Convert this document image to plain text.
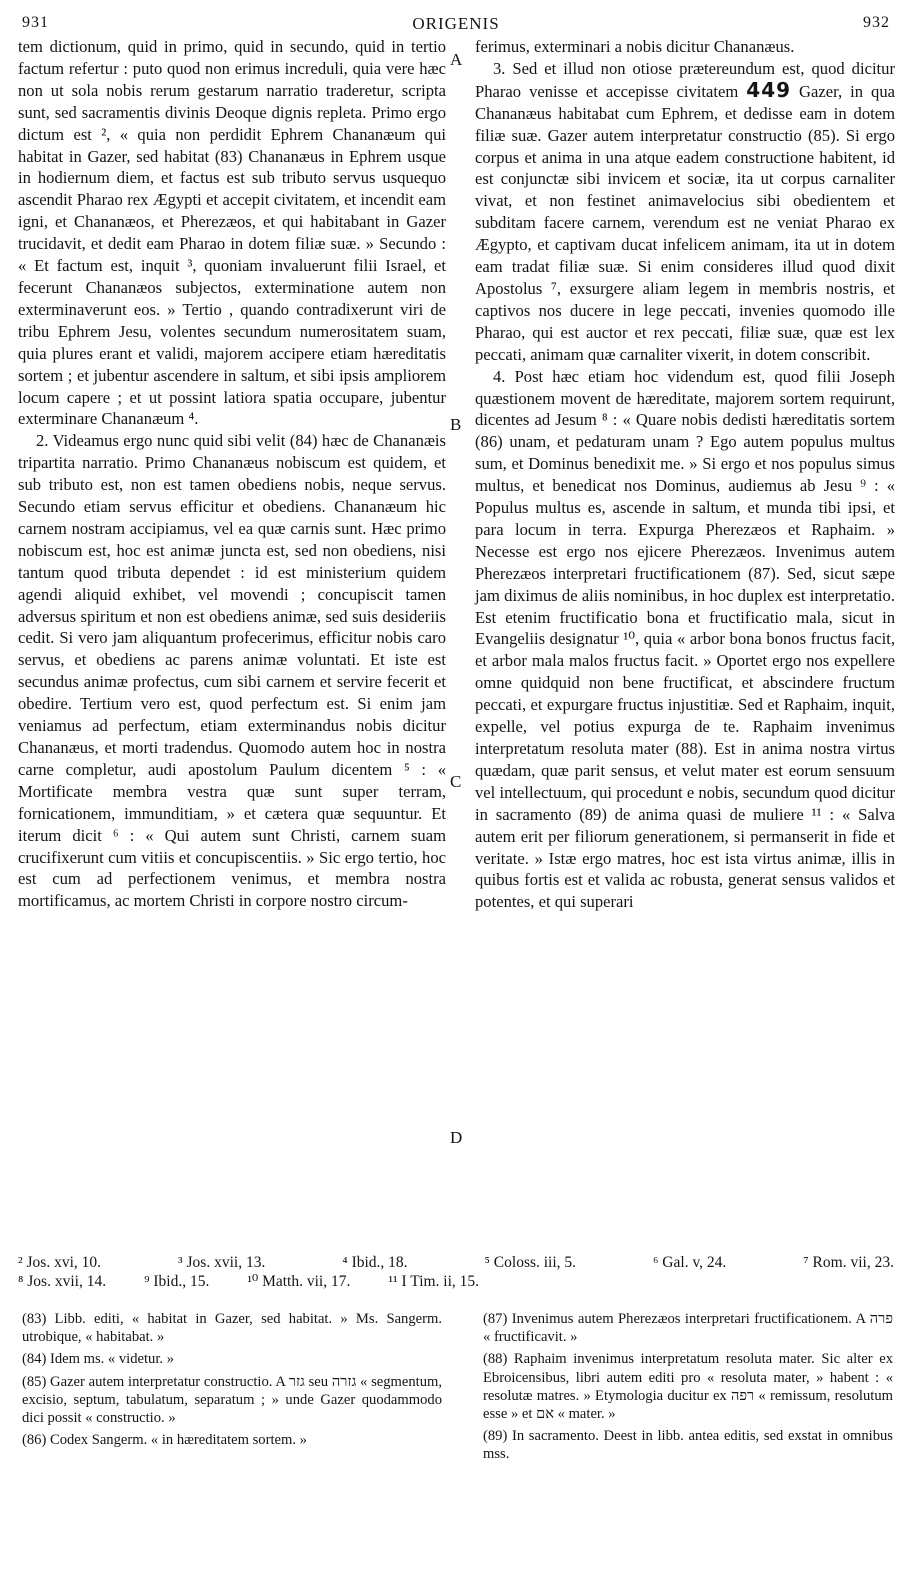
931	ORIGENIS	932

tem dictionum, quid in primo, quid in secundo, quid in tertio factum refertur : puto quod non erimus increduli, quia vere hæc non ut sola nobis rerum gestarum narratio traderetur, scripta sunt, sed sacramentis divinis Deoque dignis repleta. Primo ergo dictum est ², « quia non perdidit Ephrem Chananæum qui habitat in Gazer, sed habitat (83) Chananæus in Ephrem usque in hodiernum diem, et factus est sub tributo servus usquequo ascendit Pharao rex Ægypti et accepit civitatem, et incendit eam igni, et Chananæos, et Pherezæos, et qui habitabant in Gazer trucidavit, et dedit eam Pharao in dotem filiæ suæ. » Secundo : « Et factum est, inquit ³, quoniam invaluerunt filii Israel, et fecerunt Chananæos subjectos, exterminatione autem non exterminaverunt eos. » Tertio , quando contradixerunt viri de tribu Ephrem Jesu, volentes secundum numerositatem suam, quia plures erant et validi, majorem accipere etiam hæreditatis sortem ; et jubentur ascendere in saltum, et sibi ipsis ampliorem locum capere ; et ut possint latiora spatia occupare, jubentur exterminare Chananæum ⁴.

2. Videamus ergo nunc quid sibi velit (84) hæc de Chananæis tripartita narratio. Primo Chananæus nobiscum est quidem, et sub tributo est, non est tamen obediens nobis, neque servus. Secundo etiam servus efficitur et obediens. Chananæum hic carnem nostram accipiamus, vel ea quæ carnis sunt. Hæc primo nobiscum est, hoc est animæ juncta est, sed non obediens, nisi tantum quod tributa dependet : id est ministerium quidem agendi aliquid exhibet, vel movendi ; concupiscit tamen adversus spiritum et non est obediens animæ, sed suis desideriis cedit. Si vero jam aliquantum profecerimus, efficitur nobis caro servus, et obediens ac parens animæ voluntati. Et iste est secundus animæ profectus, cum sibi carnem et servire fecerit et obedire. Tertium vero est, quod perfectum est. Si enim jam veniamus ad perfectum, etiam exterminandus nobis dicitur Chananæus, et morti tradendus. Quomodo autem hoc in nostra carne completur, audi apostolum Paulum dicentem ⁵ : « Mortificate membra vestra quæ sunt super terram, fornicationem, immunditiam, » et cætera quæ sequuntur. Et iterum dicit ⁶ : « Qui autem sunt Christi, carnem suam crucifixerunt cum vitiis et concupiscentiis. » Sic ergo tertio, hoc est cum ad perfectionem venimus, et membra nostra mortificamus, ac mortem Christi in corpore nostro circum-

ferimus, exterminari a nobis dicitur Chananæus.

3. Sed et illud non otiose prætereundum est, quod dicitur Pharao venisse et accepisse civitatem 449 Gazer, in qua Chananæus habitabat cum Ephrem, et dedisse eam in dotem filiæ suæ. Gazer autem interpretatur constructio (85). Si ergo corpus et anima in una atque eadem constructione habitent, id est conjunctæ sibi invicem et sociæ, ita ut corpus carnaliter vivat, et non festinet animavelocius sibi obedientem et subditam facere carnem, verendum est ne veniat Pharao ex Ægypto, et captivam ducat infelicem animam, ita ut in dotem eam tradat filiæ suæ. Si enim consideres illud quod dixit Apostolus ⁷, exsurgere aliam legem in membris nostris, et captivos nos ducere in lege peccati, invenies quomodo ille Pharao, qui est auctor et rex peccati, filiæ suæ, quæ est lex peccati, animam quæ carnaliter vixerit, in dotem conscribit.

4. Post hæc etiam hoc videndum est, quod filii Joseph quæstionem movent de hæreditate, majorem sortem requirunt, dicentes ad Jesum ⁸ : « Quare nobis dedisti hæreditatis sortem (86) unam, et pedaturam unam ? Ego autem populus multus sum, et Dominus benedixit me. » Si ergo et nos populus simus multus, et benedicat nos Dominus, audiemus ab Jesu ⁹ : « Populus multus es, ascende in saltum, et munda tibi ipsi, et para locum in terra. Expurga Pherezæos et Raphaim. » Necesse est ergo nos ejicere Pherezæos. Invenimus autem Pherezæos interpretari fructificationem (87). Sed, sicut sæpe jam diximus de aliis nominibus, in hoc duplex est interpretatio. Est etenim fructificatio bona et fructificatio mala, sicut in Evangeliis designatur ¹⁰, quia « arbor bona bonos fructus facit, et arbor mala malos fructus facit. » Oportet ergo nos expellere omne quidquid non bene fructificat, et abscindere fructum peccati, et expurgare fructus injustitiæ. Sed et Raphaim, inquit, expelle, vel potius expurga de te. Raphaim invenimus interpretatum resoluta mater (88). Est in anima nostra virtus quædam, quæ parit sensus, et velut mater est eorum sensuum vel intellectuum, qui procedunt e nobis, secundum quod dicitur in sacramento (89) de anima quasi de muliere ¹¹ : « Salva autem erit per filiorum generationem, si permanserit in fide et veritate. » Istæ ergo matres, hoc est ista virtus animæ, illis in quibus fortis est et valida ac robusta, generat sensus validos et potentes, et qui superari

A
B
C
D
² Jos. xvi, 10.	³ Jos. xvii, 13.	⁴ Ibid., 18.	⁵ Coloss. iii, 5.	⁶ Gal. v, 24.	⁷ Rom. vii, 23.
⁸ Jos. xvii, 14. ⁹ Ibid., 15. ¹⁰ Matth. vii, 17. ¹¹ I Tim. ii, 15.

(83) Libb. editi, « habitat in Gazer, sed habitat. » Ms. Sangerm. utrobique, « habitabat. »

(84) Idem ms. « videtur. »

(85) Gazer autem interpretatur constructio. A גזר seu גזרה « segmentum, excisio, septum, tabulatum, separatum ; » unde Gazer quodammodo dici possit « constructio. »

(86) Codex Sangerm. « in hæreditatem sortem. »

(87) Invenimus autem Pherezæos interpretari fructificationem. A פרה « fructificavit. »

(88) Raphaim invenimus interpretatum resoluta mater. Sic alter ex Ebroicensibus, libri autem editi pro « resoluta mater, » habent : « resolutæ matres. » Etymologia ducitur ex רפה « remissum, resolutum esse » et אם « mater. »

(89) In sacramento. Deest in libb. antea editis, sed exstat in omnibus mss.
